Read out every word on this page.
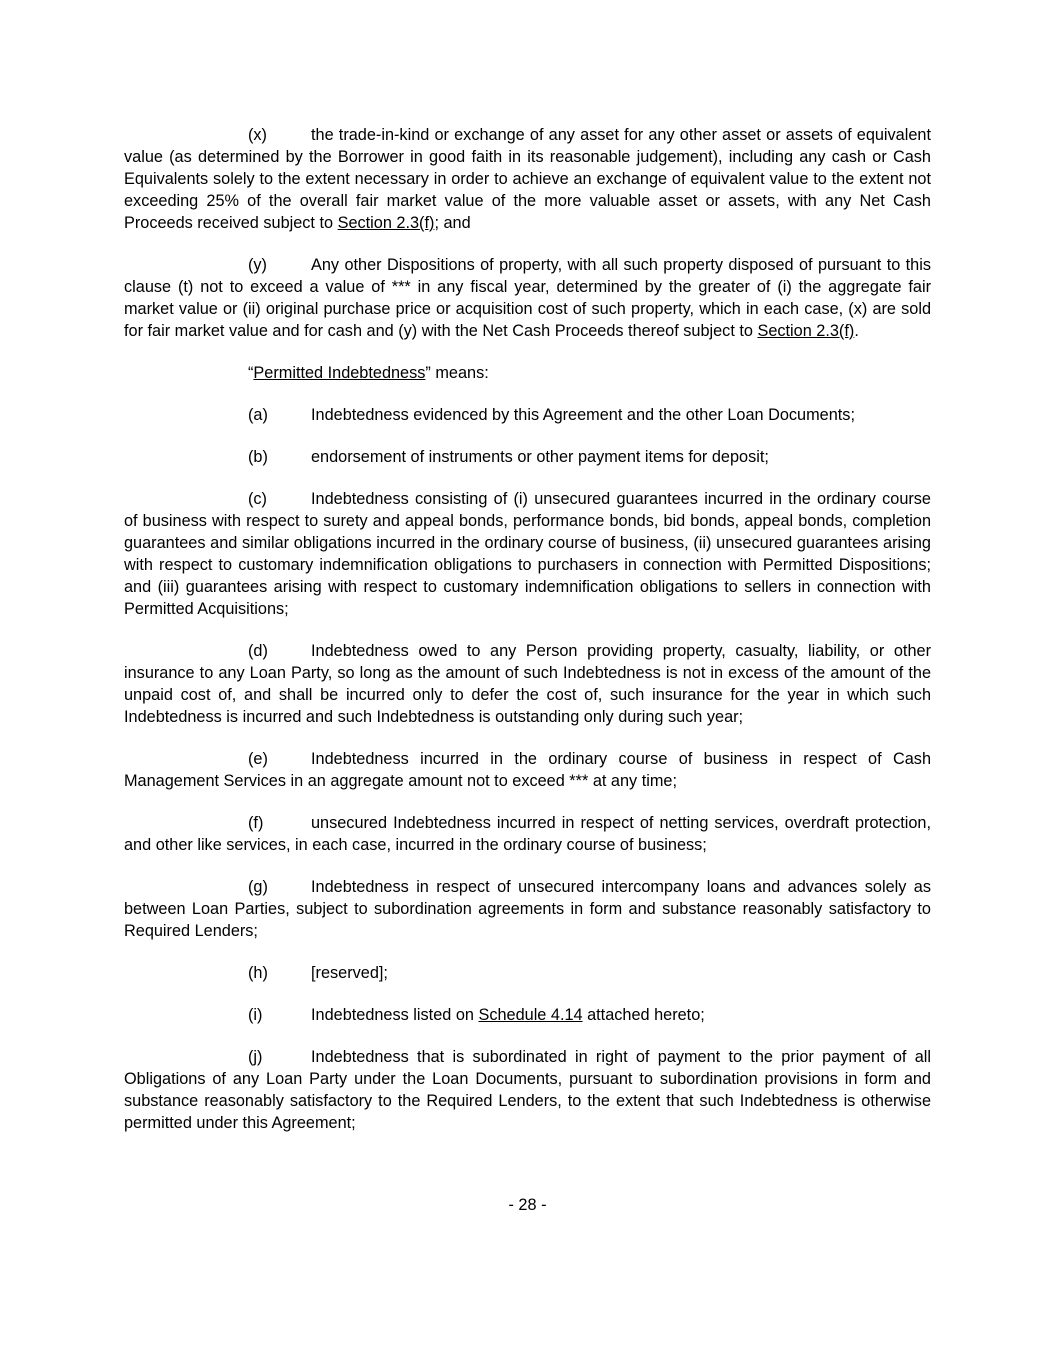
(x)	the trade-in-kind or exchange of any asset for any other asset or assets of equivalent value (as determined by the Borrower in good faith in its reasonable judgement), including any cash or Cash Equivalents solely to the extent necessary in order to achieve an exchange of equivalent value to the extent not exceeding 25% of the overall fair market value of the more valuable asset or assets, with any Net Cash Proceeds received subject to Section 2.3(f); and

(y)	Any other Dispositions of property, with all such property disposed of pursuant to this clause (t) not to exceed a value of *** in any fiscal year, determined by the greater of (i) the aggregate fair market value or (ii) original purchase price or acquisition cost of such property, which in each case, (x) are sold for fair market value and for cash and (y) with the Net Cash Proceeds thereof subject to Section 2.3(f).

“Permitted Indebtedness” means:

(a)	Indebtedness evidenced by this Agreement and the other Loan Documents;

(b)	endorsement of instruments or other payment items for deposit;

(c)	Indebtedness consisting of (i) unsecured guarantees incurred in the ordinary course of business with respect to surety and appeal bonds, performance bonds, bid bonds, appeal bonds, completion guarantees and similar obligations incurred in the ordinary course of business, (ii) unsecured guarantees arising with respect to customary indemnification obligations to purchasers in connection with Permitted Dispositions; and (iii) guarantees arising with respect to customary indemnification obligations to sellers in connection with Permitted Acquisitions;

(d)	Indebtedness owed to any Person providing property, casualty, liability, or other insurance to any Loan Party, so long as the amount of such Indebtedness is not in excess of the amount of the unpaid cost of, and shall be incurred only to defer the cost of, such insurance for the year in which such Indebtedness is incurred and such Indebtedness is outstanding only during such year;

(e)	Indebtedness incurred in the ordinary course of business in respect of Cash Management Services in an aggregate amount not to exceed *** at any time;

(f)	unsecured Indebtedness incurred in respect of netting services, overdraft protection, and other like services, in each case, incurred in the ordinary course of business;

(g)	Indebtedness in respect of unsecured intercompany loans and advances solely as between Loan Parties, subject to subordination agreements in form and substance reasonably satisfactory to Required Lenders;

(h)	[reserved];

(i)	Indebtedness listed on Schedule 4.14 attached hereto;

(j)	Indebtedness that is subordinated in right of payment to the prior payment of all Obligations of any Loan Party under the Loan Documents, pursuant to subordination provisions in form and substance reasonably satisfactory to the Required Lenders, to the extent that such Indebtedness is otherwise permitted under this Agreement;

- 28 -
